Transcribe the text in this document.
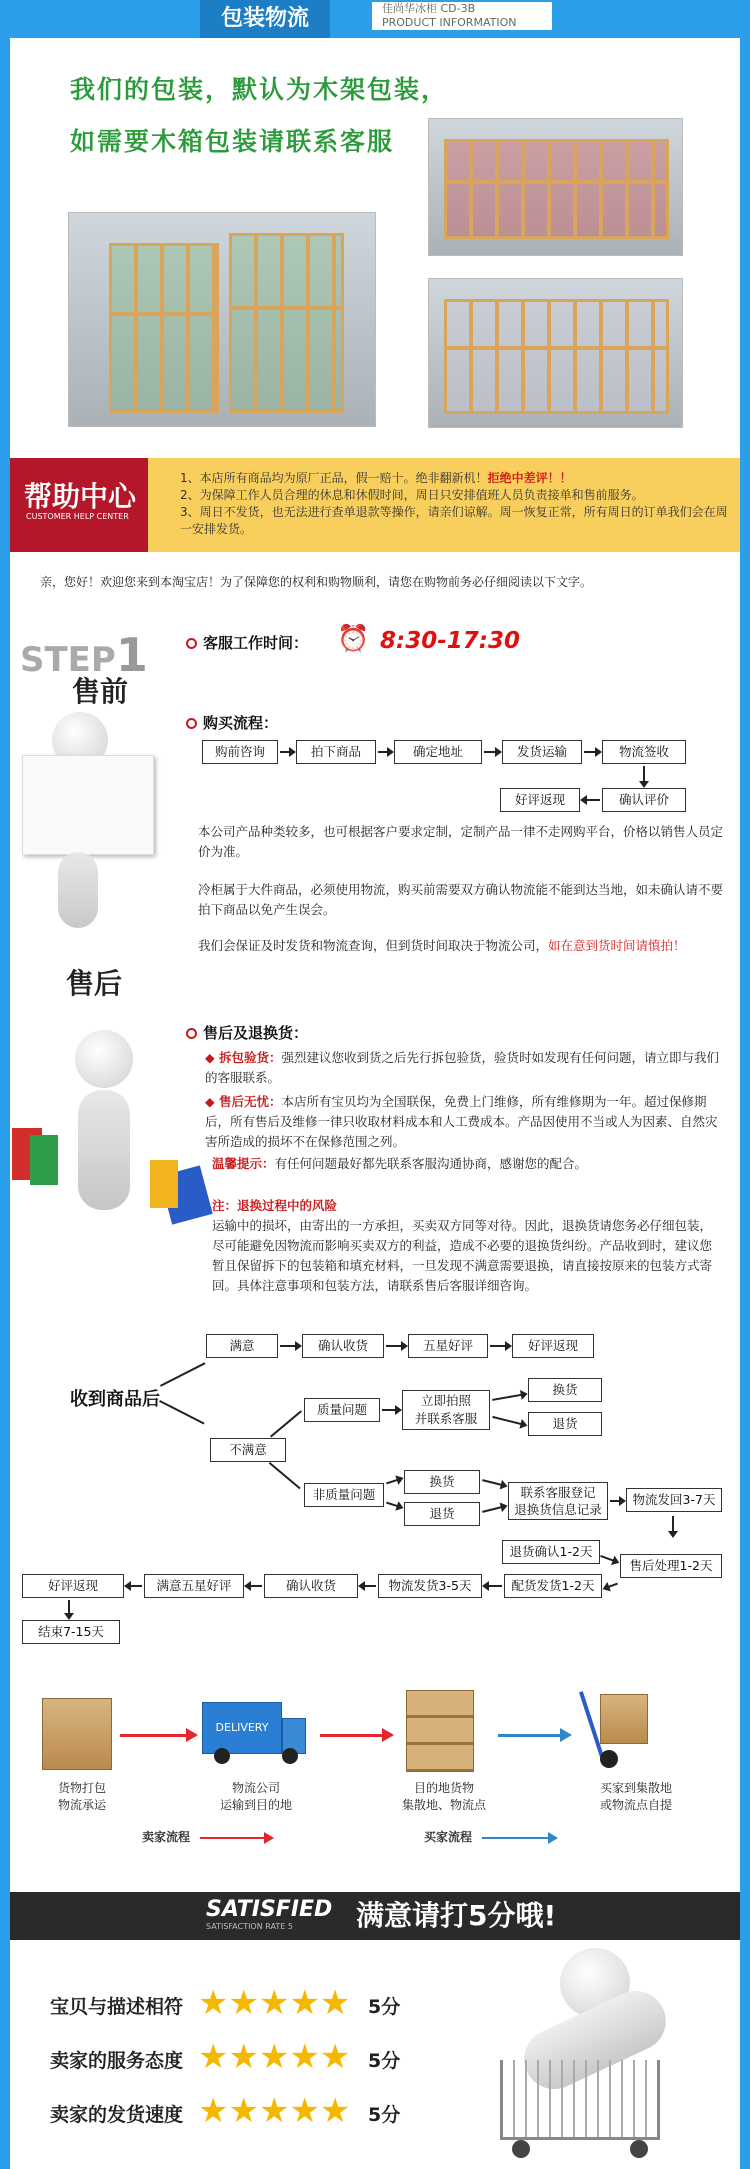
包装物流	佳尚华冰柜 CD-3B
PRODUCT INFORMATION
我们的包装，默认为木架包装，
如需要木箱包装请联系客服
帮助中心
CUSTOMER HELP CENTER
1、本店所有商品均为原厂正品，假一赔十。绝非翻新机！拒绝中差评！！
2、为保障工作人员合理的休息和休假时间，周日只安排值班人员负责接单和售前服务。
3、周日不发货，也无法进行查单退款等操作，请亲们谅解。周一恢复正常，所有周日的订单我们会在周一安排发货。
亲，您好！欢迎您来到本淘宝店！为了保障您的权利和购物顺利，请您在购物前务必仔细阅读以下文字。
STEP1
售前
售后
客服工作时间： ⏰ 8:30-17:30
购买流程：
购前咨询	拍下商品	确定地址	发货运输	物流签收
确认评价
好评返现
本公司产品种类较多，也可根据客户要求定制，定制产品一律不走网购平台，价格以销售人员定价为准。
冷柜属于大件商品，必须使用物流，购买前需要双方确认物流能不能到达当地，如未确认请不要拍下商品以免产生误会。
我们会保证及时发货和物流查询，但到货时间取决于物流公司，如在意到货时间请慎拍！
售后及退换货：
◆ 拆包验货：强烈建议您收到货之后先行拆包验货，验货时如发现有任何问题，请立即与我们的客服联系。
◆ 售后无忧：本店所有宝贝均为全国联保，免费上门维修，所有维修期为一年。超过保修期后，所有售后及维修一律只收取材料成本和人工费成本。产品因使用不当或人为因素、自然灾害所造成的损坏不在保修范围之列。
温馨提示：有任何问题最好都先联系客服沟通协商，感谢您的配合。
注：退换过程中的风险
运输中的损坏，由寄出的一方承担，买卖双方同等对待。因此，退换货请您务必仔细包装，尽可能避免因物流而影响买卖双方的利益，造成不必要的退换货纠纷。产品收到时，建议您暂且保留拆下的包装箱和填充材料，一旦发现不满意需要退换，请直接按原来的包装方式寄回。具体注意事项和包装方法，请联系售后客服详细咨询。
收到商品后
满意	确认收货	五星好评	好评返现
不满意
质量问题
立即拍照
并联系客服
换货
退货
非质量问题
换货
退货
联系客服登记
退换货信息记录
物流发回3-7天
售后处理1-2天
退货确认1-2天
配货发货1-2天
物流发货3-5天
确认收货
满意五星好评
好评返现
结束7-15天
货物打包
物流承运
DELIVERY
物流公司
运输到目的地
目的地货物
集散地、物流点
买家到集散地
或物流点自提
卖家流程	买家流程
SATISFIED
SATISFACTION RATE 5 满意请打5分哦!
宝贝与描述相符 ★★★★★ 5分
卖家的服务态度 ★★★★★ 5分
卖家的发货速度 ★★★★★ 5分
